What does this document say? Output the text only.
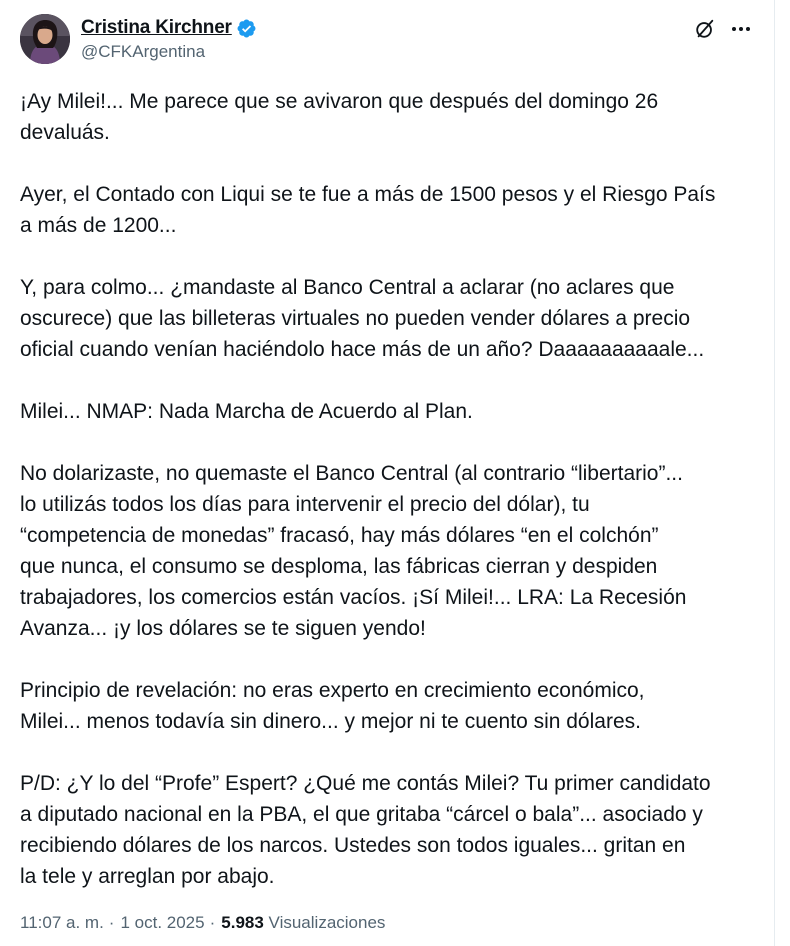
Cristina Kirchner
@CFKArgentina

¡Ay Milei!... Me parece que se avivaron que después del domingo 26
devaluás.

Ayer, el Contado con Liqui se te fue a más de 1500 pesos y el Riesgo País
a más de 1200...

Y, para colmo... ¿mandaste al Banco Central a aclarar (no aclares que
oscurece) que las billeteras virtuales no pueden vender dólares a precio
oficial cuando venían haciéndolo hace más de un año? Daaaaaaaaaale...

Milei... NMAP: Nada Marcha de Acuerdo al Plan.

No dolarizaste, no quemaste el Banco Central (al contrario “libertario”...
lo utilizás todos los días para intervenir el precio del dólar), tu
“competencia de monedas” fracasó, hay más dólares “en el colchón”
que nunca, el consumo se desploma, las fábricas cierran y despiden
trabajadores, los comercios están vacíos. ¡Sí Milei!... LRA: La Recesión
Avanza... ¡y los dólares se te siguen yendo!

Principio de revelación: no eras experto en crecimiento económico,
Milei... menos todavía sin dinero... y mejor ni te cuento sin dólares.

P/D: ¿Y lo del “Profe” Espert? ¿Qué me contás Milei? Tu primer candidato
a diputado nacional en la PBA, el que gritaba “cárcel o bala”... asociado y
recibiendo dólares de los narcos. Ustedes son todos iguales... gritan en
la tele y arreglan por abajo.

11:07 a. m. · 1 oct. 2025 · 5.983 Visualizaciones
